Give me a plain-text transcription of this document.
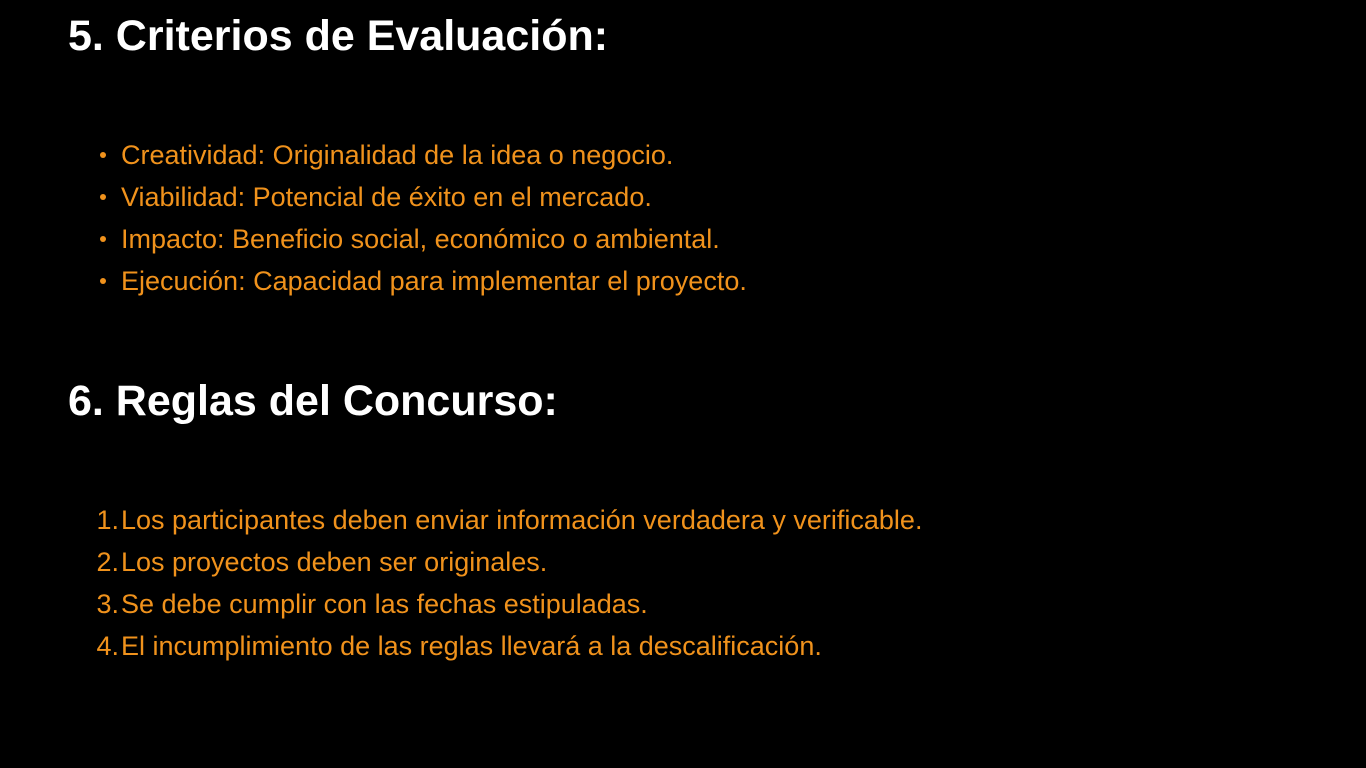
5. Criterios de Evaluación:
Creatividad: Originalidad de la idea o negocio.
Viabilidad: Potencial de éxito en el mercado.
Impacto: Beneficio social, económico o ambiental.
Ejecución: Capacidad para implementar el proyecto.
6. Reglas del Concurso:
1. Los participantes deben enviar información verdadera y verificable.
2. Los proyectos deben ser originales.
3. Se debe cumplir con las fechas estipuladas.
4. El incumplimiento de las reglas llevará a la descalificación.
